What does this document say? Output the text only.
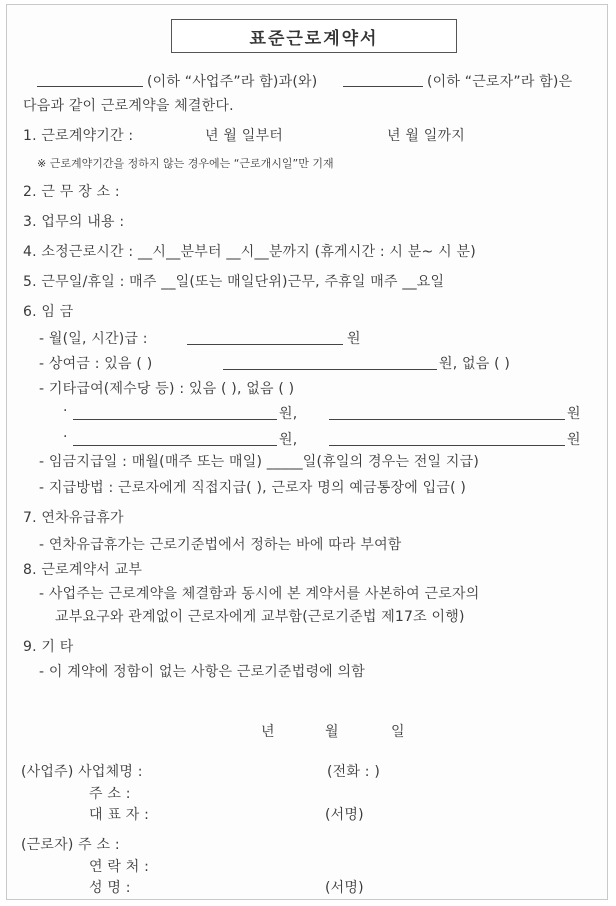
표준근로계약서
(이하 “사업주”라 함)과(와)	(이하 “근로자”라 함)은
다음과 같이 근로계약을 체결한다.
1. 근로계약기간 :	년 월 일부터	년 월 일까지
※ 근로계약기간을 정하지 않는 경우에는 “근로개시일”만 기재
2. 근 무 장 소 :
3. 업무의 내용 :
4. 소정근로시간 : __시__분부터 __시__분까지 (휴게시간 : 시 분~ 시 분)
5. 근무일/휴일 : 매주 __일(또는 매일단위)근무, 주휴일 매주 __요일
6. 임 금
- 월(일, 시간)급 :	원
- 상여금 : 있음 ( )	원, 없음 ( )
- 기타급여(제수당 등) : 있음 ( ), 없음 ( )
·	원,	원
·	원,	원
- 임금지급일 : 매월(매주 또는 매일) _____일(휴일의 경우는 전일 지급)
- 지급방법 : 근로자에게 직접지급( ), 근로자 명의 예금통장에 입금( )
7. 연차유급휴가
- 연차유급휴가는 근로기준법에서 정하는 바에 따라 부여함
8. 근로계약서 교부
- 사업주는 근로계약을 체결함과 동시에 본 계약서를 사본하여 근로자의
교부요구와 관계없이 근로자에게 교부함(근로기준법 제17조 이행)
9. 기 타
- 이 계약에 정함이 없는 사항은 근로기준법령에 의함
년	월	일
(사업주) 사업체명 :	(전화 : )
주 소 :
대 표 자 :	(서명)
(근로자) 주 소 :
연 락 처 :
성 명 :	(서명)
